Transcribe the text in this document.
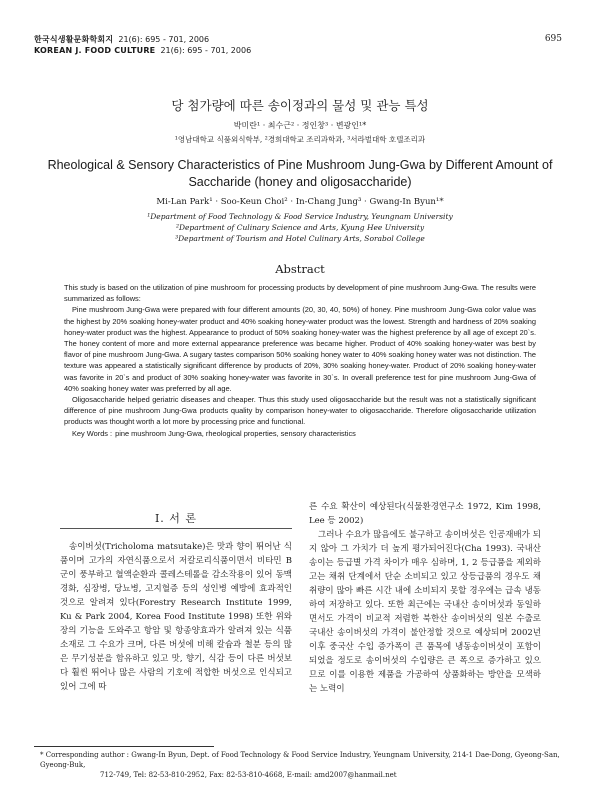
한국식생활문화학회지 21(6): 695 - 701, 2006
KOREAN J. FOOD CULTURE 21(6): 695 - 701, 2006
695
당 첨가량에 따른 송이정과의 물성 및 관능 특성
박미란¹ · 최수근² · 정인창³ · 변광인¹*
¹영남대학교 식품외식학부, ²경희대학교 조리과학과, ³서라벌대학 호텔조리과
Rheological & Sensory Characteristics of Pine Mushroom Jung-Gwa by Different Amount of Saccharide (honey and oligosaccharide)
Mi-Lan Park¹ · Soo-Keun Choi² · In-Chang Jung³ · Gwang-In Byun¹*
¹Department of Food Technology & Food Service Industry, Yeungnam University
²Department of Culinary Science and Arts, Kyung Hee University
³Department of Tourism and Hotel Culinary Arts, Sorabol College
Abstract

This study is based on the utilization of pine mushroom for processing products by development of pine mushroom Jung-Gwa. The results were summarized as follows:

Pine mushroom Jung-Gwa were prepared with four different amounts (20, 30, 40, 50%) of honey. Pine mushroom Jung-Gwa color value was the highest by 20% soaking honey-water product and 40% soaking honey-water product was the lowest. Strength and hardness of 20% soaking honey-water product was the highest. Appearance to product of 50% soaking honey-water was the highest preference by all age of except 20`s. The honey content of more and more external appearance preference was became higher. Product of 40% soaking honey-water was best by flavor of pine mushroom Jung-Gwa. A sugary tastes comparison 50% soaking honey water to 40% soaking honey water was not distinction. The texture was appeared a statistically significant difference by products of 20%, 30% soaking honey-water. Product of 20% soaking honey-water was favorite in 20`s and product of 30% soaking honey-water was favorite in 30`s. In overall preference test for pine mushroom Jung-Gwa of 40% soaking honey water was preferred by all age.

Oligosaccharide helped geriatric diseases and cheaper. Thus this study used oligosaccharide but the result was not a statistically significant difference of pine mushroom Jung-Gwa products quality by comparison honey-water to oligosaccharide. Therefore oligosaccharide utilization products was thought worth a lot more by processing price and functional.

Key Words : pine mushroom Jung-Gwa, rheological properties, sensory characteristics

Ⅰ. 서 론

송이버섯(Tricholoma matsutake)은 맛과 향이 뛰어난 식품이며 고가의 자연식품으로서 저칼로리식품이면서 비타민 B군이 풍부하고 혈액순환과 콜레스테롤을 감소작용이 있어 동맥경화, 심장병, 당뇨병, 고지혈증 등의 성인병 예방에 효과적인 것으로 알려져 있다(Forestry Research Institute 1999, Ku & Park 2004, Korea Food Institute 1998) 또한 위와 장의 기능을 도와주고 항암 및 항종양효과가 알려져 있는 식품소재로 그 수요가 크며, 다른 버섯에 비해 칼슘과 철분 등의 많은 무기성분을 함유하고 있고 맛, 향기, 식감 등이 다른 버섯보다 훨씬 뛰어나 많은 사람의 기호에 적합한 버섯으로 인식되고 있어 그에 따

른 수요 확산이 예상된다(식물환경연구소 1972, Kim 1998, Lee 등 2002)

그러나 수요가 많음에도 불구하고 송이버섯은 인공재배가 되지 않아 그 가치가 더 높게 평가되어진다(Cha 1993). 국내산 송이는 등급별 가격 차이가 매우 심하며, 1, 2 등급품을 제외하고는 채취 단계에서 단순 소비되고 있고 상등급품의 경우도 채취량이 많아 빠른 시간 내에 소비되지 못할 경우에는 급속 냉동하여 저장하고 있다. 또한 최근에는 국내산 송이버섯과 동일하면서도 가격이 비교적 저렴한 북한산 송이버섯의 일본 수출로 국내산 송이버섯의 가격이 불안정할 것으로 예상되며 2002년 이후 중국산 수입 증가폭이 큰 품목에 냉동송이버섯이 포함이 되었을 정도로 송이버섯의 수입량은 큰 폭으로 증가하고 있으므로 이를 이용한 제품을 가공하여 상품화하는 방안을 모색하는 노력이

* Corresponding author : Gwang-In Byun, Dept. of Food Technology & Food Service Industry, Yeungnam University, 214-1 Dae-Dong, Gyeong-San, Gyeong-Buk,
712-749, Tel: 82-53-810-2952, Fax: 82-53-810-4668, E-mail: amd2007@hanmail.net
